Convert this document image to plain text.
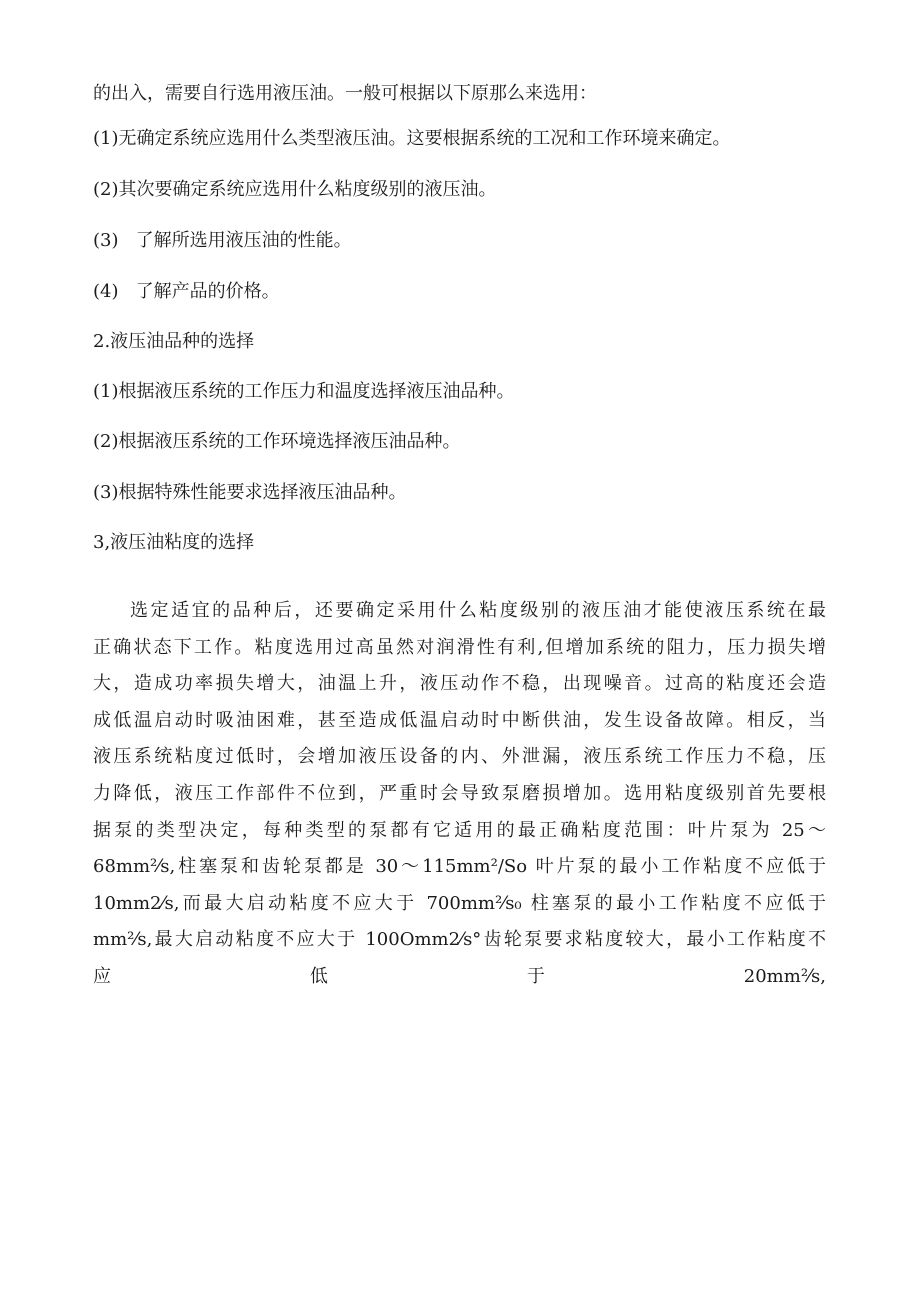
的出入，需要自行选用液压油。一般可根据以下原那么来选用：
(1)无确定系统应选用什么类型液压油。这要根据系统的工况和工作环境来确定。
(2)其次要确定系统应选用什么粘度级别的液压油。
(3)   了解所选用液压油的性能。
(4)   了解产品的价格。
2.液压油品种的选择
(1)根据液压系统的工作压力和温度选择液压油品种。
(2)根据液压系统的工作环境选择液压油品种。
(3)根据特殊性能要求选择液压油品种。
3,液压油粘度的选择
选定适宜的品种后，还要确定采用什么粘度级别的液压油才能使液压系统在最
正确状态下工作。粘度选用过高虽然对润滑性有利,但增加系统的阻力，压力损失增
大，造成功率损失增大，油温上升，液压动作不稳，出现噪音。过高的粘度还会造
成低温启动时吸油困难，甚至造成低温启动时中断供油，发生设备故障。相反，当
液压系统粘度过低时，会增加液压设备的内、外泄漏，液压系统工作压力不稳，压
力降低，液压工作部件不位到，严重时会导致泵磨损增加。选用粘度级别首先要根
据泵的类型决定，每种类型的泵都有它适用的最正确粘度范围：叶片泵为 25～
68mm²⁄s,柱塞泵和齿轮泵都是 30～115mm²/So 叶片泵的最小工作粘度不应低于
10mm2⁄s,而最大启动粘度不应大于 700mm²⁄s₀ 柱塞泵的最小工作粘度不应低于
mm²⁄s,最大启动粘度不应大于 100Omm2⁄s°齿轮泵要求粘度较大，最小工作粘度不
应                          低                          于                          20mm²⁄s,
